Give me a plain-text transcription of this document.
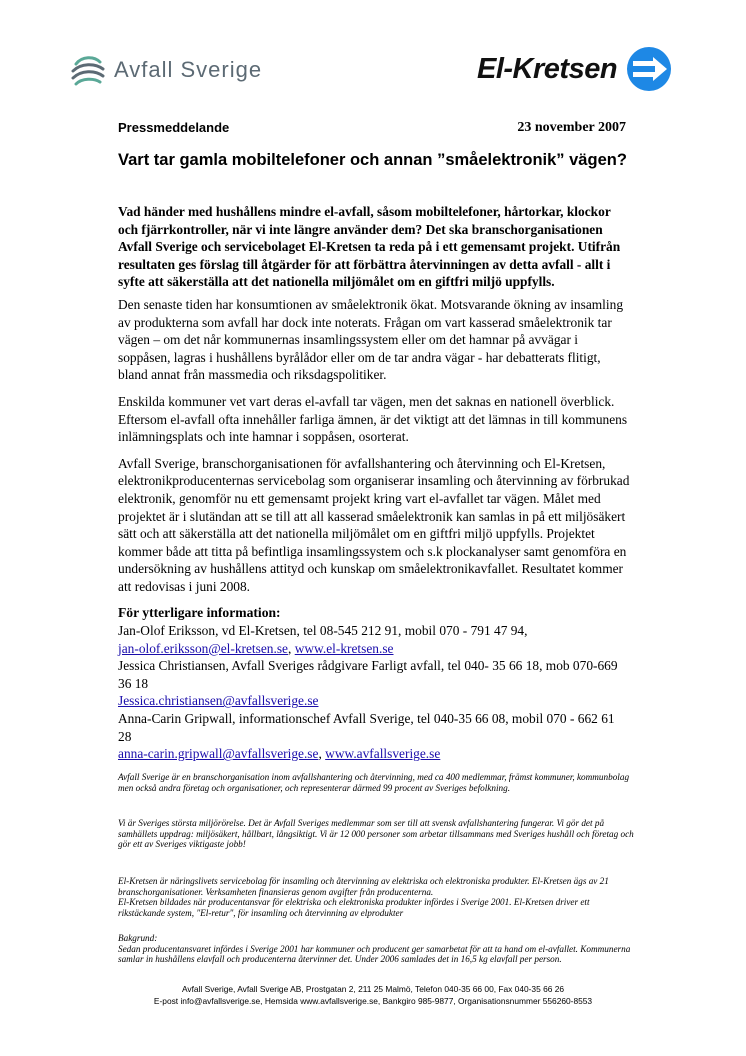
Avfall Sverige	El-Kretsen
Pressmeddelande	23 november 2007
Vart tar gamla mobiltelefoner och annan ”småelektronik” vägen?

Vad händer med hushållens mindre el-avfall, såsom mobiltelefoner, hårtorkar, klockor och fjärrkontroller, när vi inte längre använder dem? Det ska branschorganisationen Avfall Sverige och servicebolaget El-Kretsen ta reda på i ett gemensamt projekt. Utifrån resultaten ges förslag till åtgärder för att förbättra återvinningen av detta avfall - allt i syfte att säkerställa att det nationella miljömålet om en giftfri miljö uppfylls.

Den senaste tiden har konsumtionen av småelektronik ökat. Motsvarande ökning av insamling av produkterna som avfall har dock inte noterats. Frågan om vart kasserad småelektronik tar vägen – om det når kommunernas insamlingssystem eller om det hamnar på avvägar i soppåsen, lagras i hushållens byrålådor eller om de tar andra vägar - har debatterats flitigt, bland annat från massmedia och riksdagspolitiker.

Enskilda kommuner vet vart deras el-avfall tar vägen, men det saknas en nationell överblick. Eftersom el-avfall ofta innehåller farliga ämnen, är det viktigt att det lämnas in till kommunens inlämningsplats och inte hamnar i soppåsen, osorterat.

Avfall Sverige, branschorganisationen för avfallshantering och återvinning och El-Kretsen, elektronikproducenternas servicebolag som organiserar insamling och återvinning av förbrukad elektronik, genomför nu ett gemensamt projekt kring vart el-avfallet tar vägen. Målet med projektet är i slutändan att se till att all kasserad småelektronik kan samlas in på ett miljösäkert sätt och att säkerställa att det nationella miljömålet om en giftfri miljö uppfylls. Projektet kommer både att titta på befintliga insamlingssystem och s.k plockanalyser samt genomföra en undersökning av hushållens attityd och kunskap om småelektronikavfallet. Resultatet kommer att redovisas i juni 2008.

För ytterligare information:

Jan-Olof Eriksson, vd El-Kretsen, tel 08-545 212 91, mobil 070 - 791 47 94,

jan-olof.eriksson@el-kretsen.se, www.el-kretsen.se

Jessica Christiansen, Avfall Sveriges rådgivare Farligt avfall, tel 040- 35 66 18, mob 070-669 36 18

Jessica.christiansen@avfallsverige.se

Anna-Carin Gripwall, informationschef Avfall Sverige, tel 040-35 66 08, mobil 070 - 662 61 28

anna-carin.gripwall@avfallsverige.se, www.avfallsverige.se

Avfall Sverige är en branschorganisation inom avfallshantering och återvinning, med ca 400 medlemmar, främst kommuner, kommunbolag men också andra företag och organisationer, och representerar därmed 99 procent av Sveriges befolkning.

Vi är Sveriges största miljörörelse. Det är Avfall Sveriges medlemmar som ser till att svensk avfallshantering fungerar. Vi gör det på samhällets uppdrag: miljösäkert, hållbart, långsiktigt. Vi är 12 000 personer som arbetar tillsammans med Sveriges hushåll och företag och gör ett av Sveriges viktigaste jobb!

El-Kretsen är näringslivets servicebolag för insamling och återvinning av elektriska och elektroniska produkter. El-Kretsen ägs av 21 branschorganisationer. Verksamheten finansieras genom avgifter från producenterna.

El-Kretsen bildades när producentansvar för elektriska och elektroniska produkter infördes i Sverige 2001. El-Kretsen driver ett rikstäckande system, "El-retur", för insamling och återvinning av elprodukter

Bakgrund:

Sedan producentansvaret infördes i Sverige 2001 har kommuner och producent ger samarbetat för att ta hand om el-avfallet. Kommunerna samlar in hushållens elavfall och producenterna återvinner det. Under 2006 samlades det in 16,5 kg elavfall per person.

Avfall Sverige, Avfall Sverige AB, Prostgatan 2, 211 25 Malmö, Telefon 040-35 66 00, Fax 040-35 66 26
E-post info@avfallsverige.se, Hemsida www.avfallsverige.se, Bankgiro 985-9877, Organisationsnummer 556260-8553
